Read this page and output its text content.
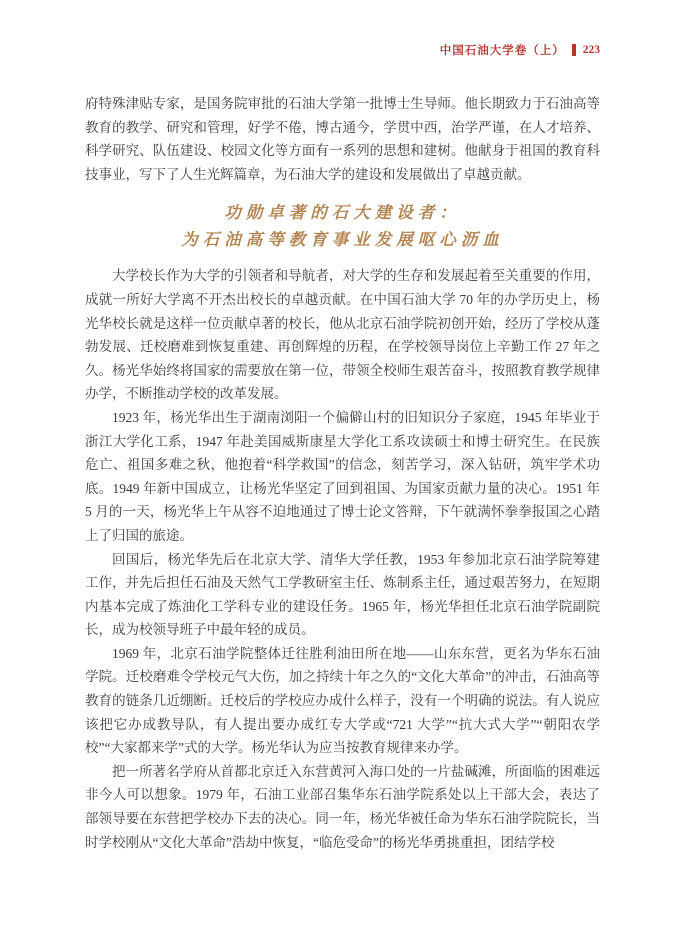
中国石油大学卷（上） 223

府特殊津贴专家，是国务院审批的石油大学第一批博士生导师。他长期致力于石油高等教育的教学、研究和管理，好学不倦，博古通今，学贯中西，治学严谨，在人才培养、科学研究、队伍建设、校园文化等方面有一系列的思想和建树。他献身于祖国的教育科技事业，写下了人生光辉篇章，为石油大学的建设和发展做出了卓越贡献。

功勋卓著的石大建设者：
为石油高等教育事业发展呕心沥血

大学校长作为大学的引领者和导航者，对大学的生存和发展起着至关重要的作用，成就一所好大学离不开杰出校长的卓越贡献。在中国石油大学 70 年的办学历史上，杨光华校长就是这样一位贡献卓著的校长，他从北京石油学院初创开始，经历了学校从蓬勃发展、迁校磨难到恢复重建、再创辉煌的历程，在学校领导岗位上辛勤工作 27 年之久。杨光华始终将国家的需要放在第一位，带领全校师生艰苦奋斗，按照教育教学规律办学，不断推动学校的改革发展。

1923 年，杨光华出生于湖南浏阳一个偏僻山村的旧知识分子家庭，1945 年毕业于浙江大学化工系，1947 年赴美国威斯康星大学化工系攻读硕士和博士研究生。在民族危亡、祖国多难之秋，他抱着“科学救国”的信念，刻苦学习，深入钻研，筑牢学术功底。1949 年新中国成立，让杨光华坚定了回到祖国、为国家贡献力量的决心。1951 年 5 月的一天，杨光华上午从容不迫地通过了博士论文答辩，下午就满怀拳拳报国之心踏上了归国的旅途。

回国后，杨光华先后在北京大学、清华大学任教，1953 年参加北京石油学院筹建工作，并先后担任石油及天然气工学教研室主任、炼制系主任，通过艰苦努力，在短期内基本完成了炼油化工学科专业的建设任务。1965 年，杨光华担任北京石油学院副院长，成为校领导班子中最年轻的成员。

1969 年，北京石油学院整体迁往胜利油田所在地——山东东营，更名为华东石油学院。迁校磨难令学校元气大伤，加之持续十年之久的“文化大革命”的冲击，石油高等教育的链条几近绷断。迁校后的学校应办成什么样子，没有一个明确的说法。有人说应该把它办成教导队，有人提出要办成红专大学或“721 大学”“抗大式大学”“朝阳农学校”“大家都来学”式的大学。杨光华认为应当按教育规律来办学。

把一所著名学府从首都北京迁入东营黄河入海口处的一片盐碱滩，所面临的困难远非今人可以想象。1979 年，石油工业部召集华东石油学院系处以上干部大会，表达了部领导要在东营把学校办下去的决心。同一年，杨光华被任命为华东石油学院院长，当时学校刚从“文化大革命”浩劫中恢复，“临危受命”的杨光华勇挑重担，团结学校
